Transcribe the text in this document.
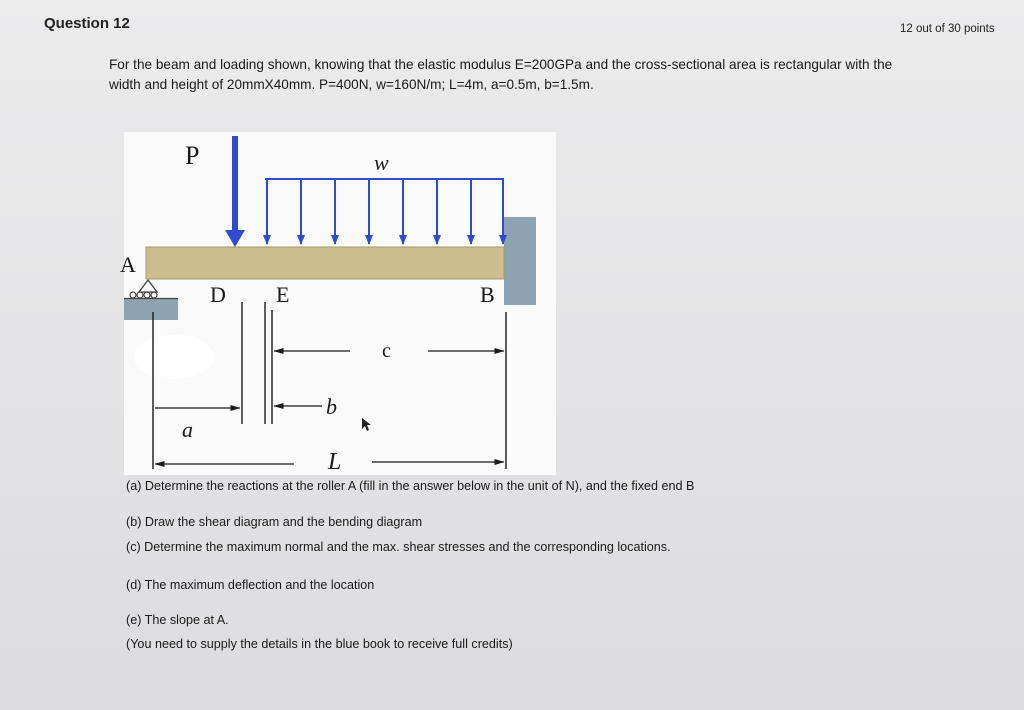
Question 12	12 out of 30 points
For the beam and loading shown, knowing that the elastic modulus E=200GPa and the cross-sectional area is rectangular with the
width and height of 20mmX40mm. P=400N, w=160N/m; L=4m, a=0.5m, b=1.5m.
P	w
A
D E	B
c
b
a
L
(a) Determine the reactions at the roller A (fill in the answer below in the unit of N), and the fixed end B
(b) Draw the shear diagram and the bending diagram
(c) Determine the maximum normal and the max. shear stresses and the corresponding locations.
(d) The maximum deflection and the location
(e) The slope at A.
(You need to supply the details in the blue book to receive full credits)
